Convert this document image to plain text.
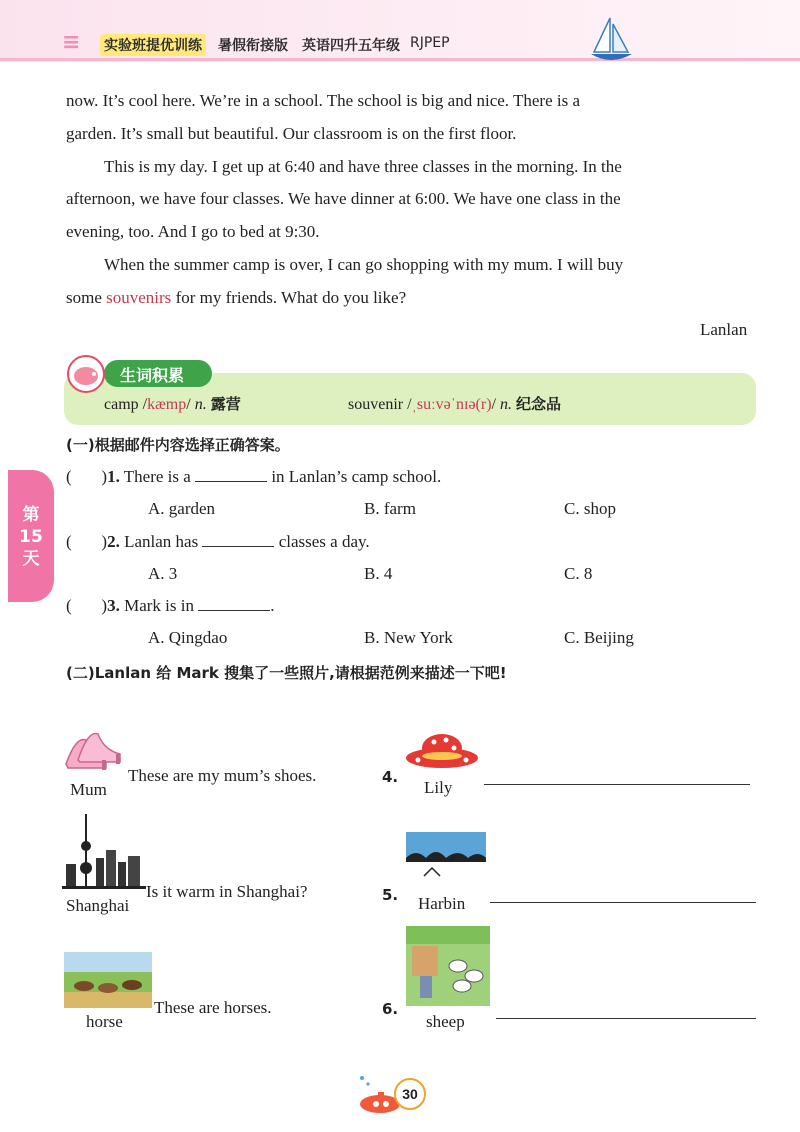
≡ 实验班提优训练 暑假衔接版 英语四升五年级 RJPEP
now. It’s cool here. We’re in a school. The school is big and nice. There is a
garden. It’s small but beautiful. Our classroom is on the first floor.
This is my day. I get up at 6:40 and have three classes in the morning. In the
afternoon, we have four classes. We have dinner at 6:00. We have one class in the
evening, too. And I go to bed at 9:30.
When the summer camp is over, I can go shopping with my mum. I will buy
some souvenirs for my friends. What do you like?
Lanlan
生词积累
camp /kæmp/ n. 露营	souvenir /ˌsuːvəˈnɪə(r)/ n. 纪念品
(一)根据邮件内容选择正确答案。
(       )1. There is a	in Lanlan’s camp school.
A. garden	B. farm	C. shop
(       )2. Lanlan has	classes a day.
A. 3	B. 4	C. 8
(       )3. Mark is in	.
A. Qingdao	B. New York	C. Beijing
(二)Lanlan 给 Mark 搜集了一些照片,请根据范例来描述一下吧!
Mum
These are my mum’s shoes.
Shanghai
Is it warm in Shanghai?
horse
These are horses.
4.
Lily
5. Harbin
6.
sheep
第
15
天
30
